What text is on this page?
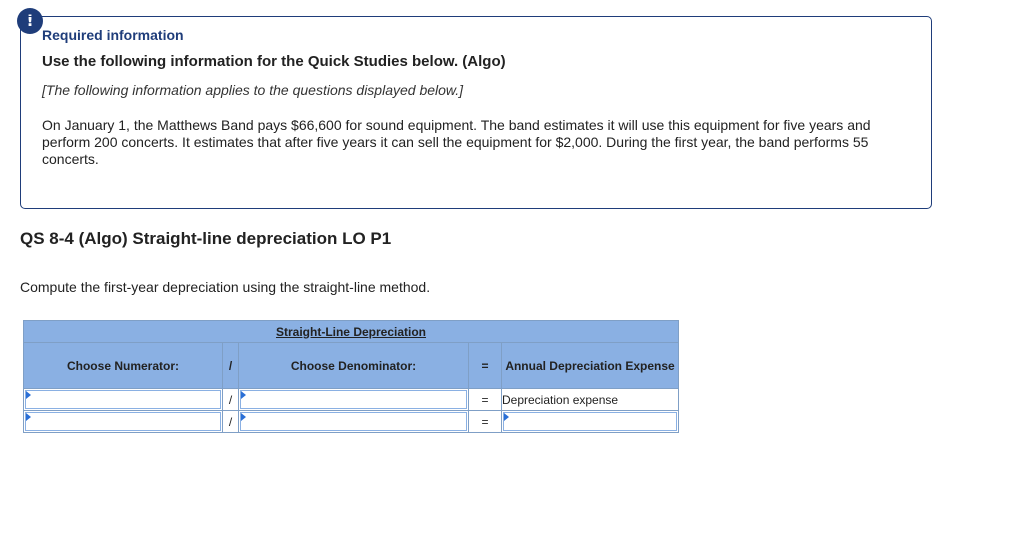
!
Required information
Use the following information for the Quick Studies below. (Algo)
[The following information applies to the questions displayed below.]
On January 1, the Matthews Band pays $66,600 for sound equipment. The band estimates it will use this equipment for five years and perform 200 concerts. It estimates that after five years it can sell the equipment for $2,000. During the first year, the band performs 55 concerts.
QS 8-4 (Algo) Straight-line depreciation LO P1
Compute the first-year depreciation using the straight-line method.
Straight-Line Depreciation				
Choose Numerator:	/	Choose Denominator:	=	Annual Depreciation Expense

	/		=	Depreciation expense

	/		=	
